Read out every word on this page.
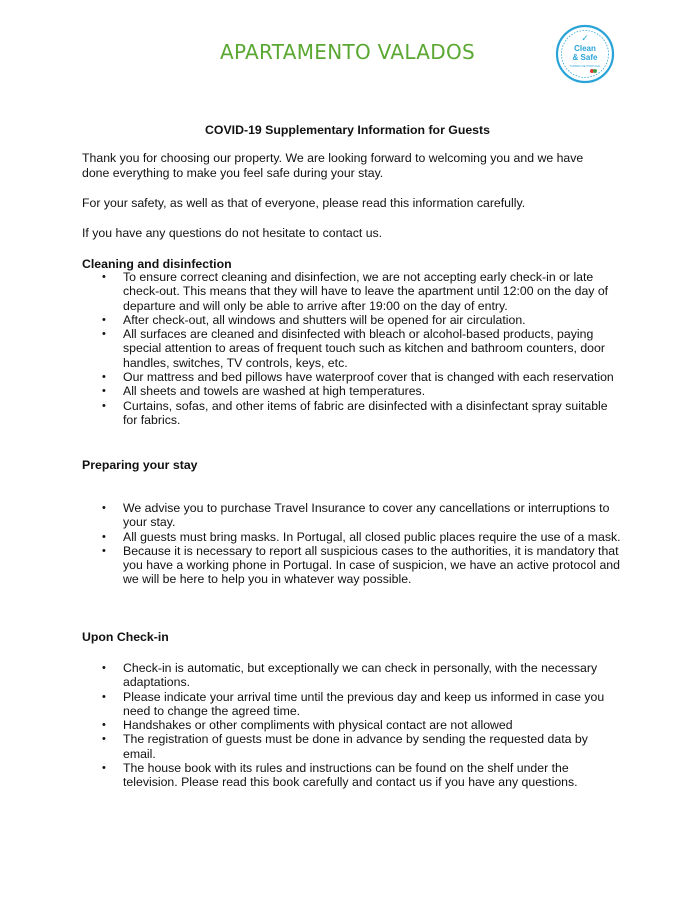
APARTAMENTO VALADOS
✓
Clean
& Safe
TURISMO DE PORTUGAL
COVID-19 Supplementary Information for Guests
Thank you for choosing our property. We are looking forward to welcoming you and we have done everything to make you feel safe during your stay.
For your safety, as well as that of everyone, please read this information carefully.
If you have any questions do not hesitate to contact us.
Cleaning and disinfection
•	To ensure correct cleaning and disinfection, we are not accepting early check-in or late check-out. This means that they will have to leave the apartment until 12:00 on the day of departure and will only be able to arrive after 19:00 on the day of entry.
•	After check-out, all windows and shutters will be opened for air circulation.
•	All surfaces are cleaned and disinfected with bleach or alcohol-based products, paying special attention to areas of frequent touch such as kitchen and bathroom counters, door handles, switches, TV controls, keys, etc.
•	Our mattress and bed pillows have waterproof cover that is changed with each reservation
•	All sheets and towels are washed at high temperatures.
•	Curtains, sofas, and other items of fabric are disinfected with a disinfectant spray suitable for fabrics.
Preparing your stay
•	We advise you to purchase Travel Insurance to cover any cancellations or interruptions to your stay.
•	All guests must bring masks. In Portugal, all closed public places require the use of a mask.
•	Because it is necessary to report all suspicious cases to the authorities, it is mandatory that you have a working phone in Portugal. In case of suspicion, we have an active protocol and we will be here to help you in whatever way possible.
Upon Check-in
•	Check-in is automatic, but exceptionally we can check in personally, with the necessary adaptations.
•	Please indicate your arrival time until the previous day and keep us informed in case you need to change the agreed time.
•	Handshakes or other compliments with physical contact are not allowed
•	The registration of guests must be done in advance by sending the requested data by email.
•	The house book with its rules and instructions can be found on the shelf under the television. Please read this book carefully and contact us if you have any questions.
